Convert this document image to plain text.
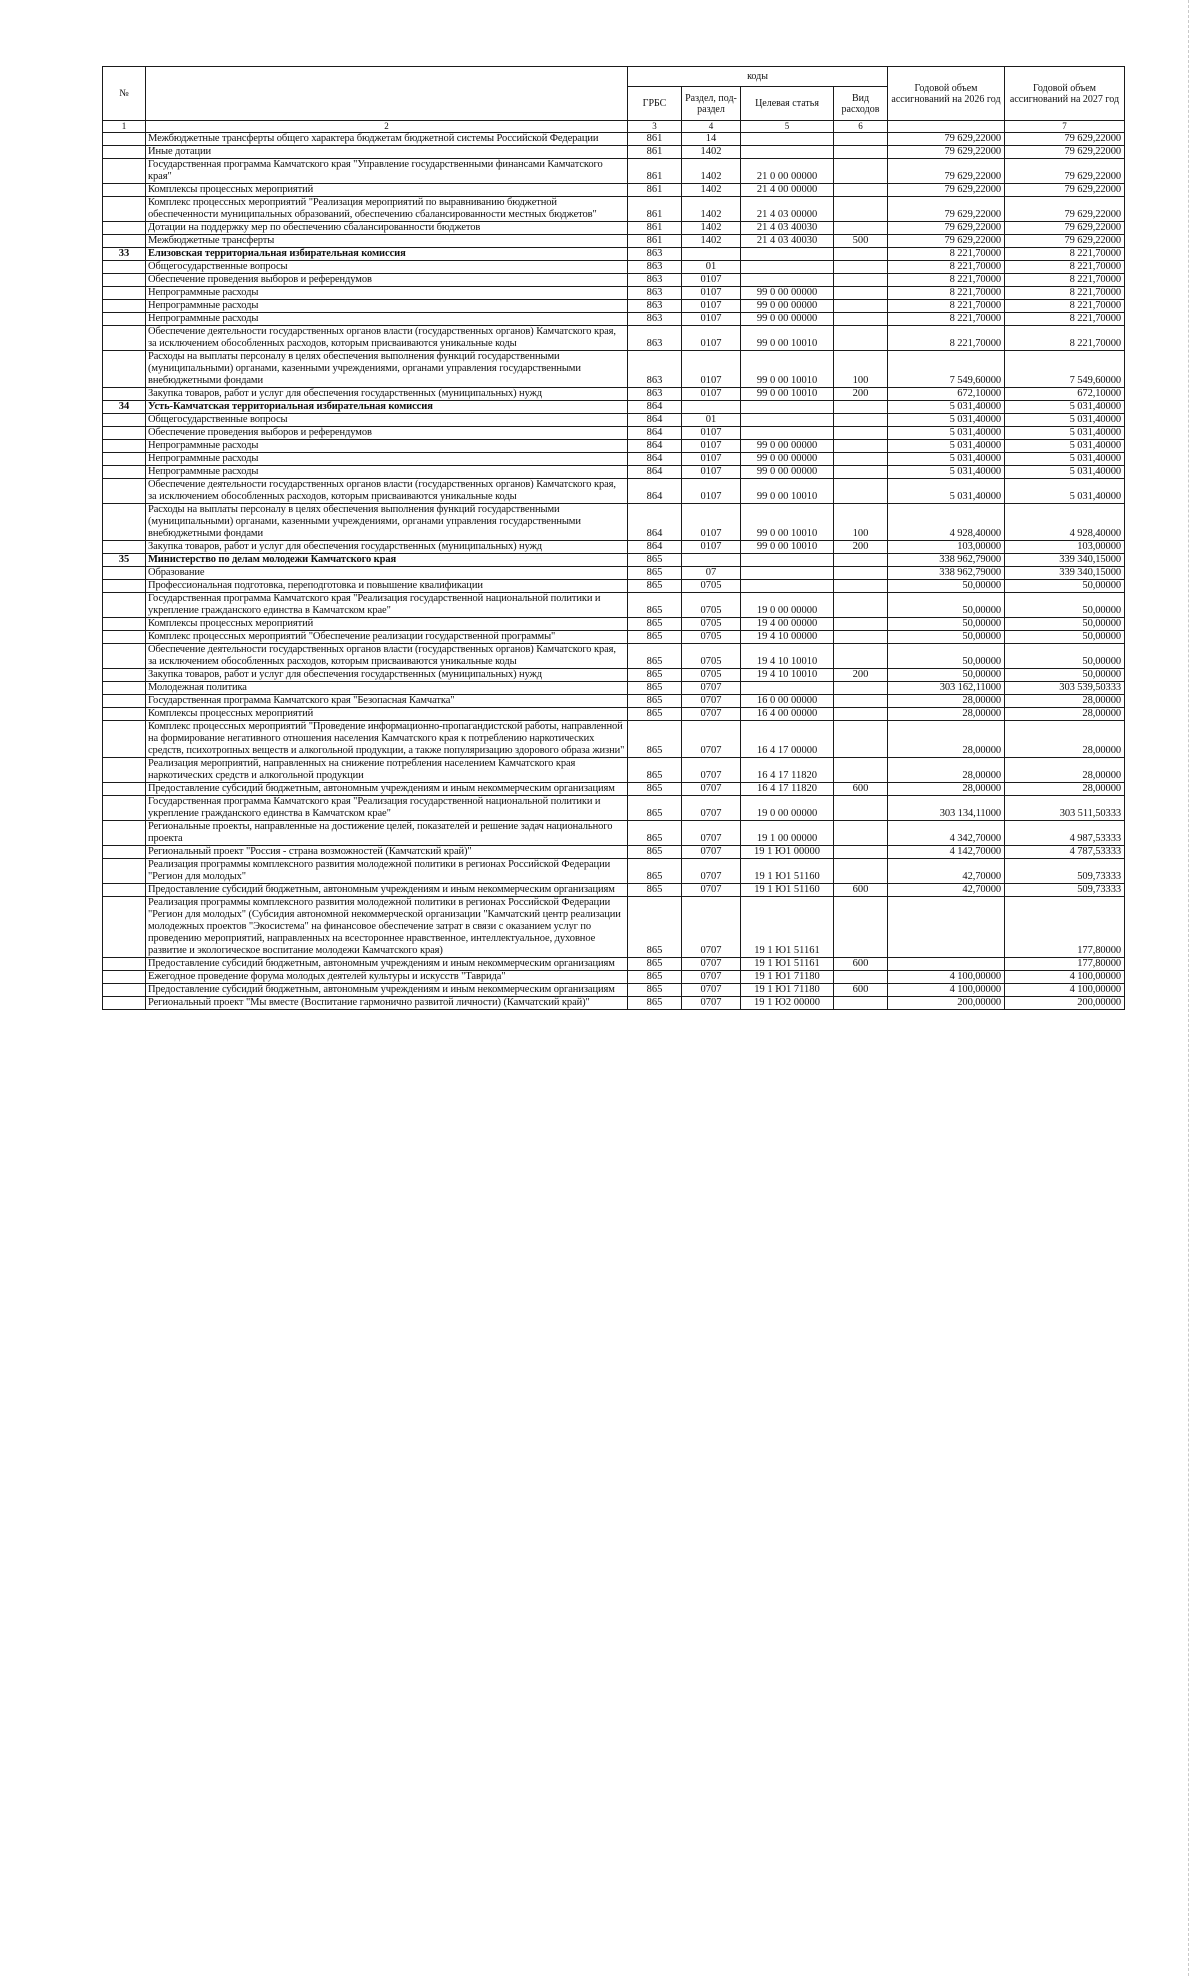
№		коды				Годовой объем ассигнований на 2026 год	Годовой объем ассигнований на 2027 год
		ГРБС	Раздел, под-раздел	Целевая статья	Вид расходов		
1	2	3	4	5	6		7
	Межбюджетные трансферты общего характера бюджетам бюджетной системы Российской Федерации	861	14			79 629,22000	79 629,22000
	Иные дотации	861	1402			79 629,22000	79 629,22000
	Государственная программа Камчатского края "Управление государственными финансами Камчатского края"	861	1402	21 0 00 00000		79 629,22000	79 629,22000
	Комплексы процессных мероприятий	861	1402	21 4 00 00000		79 629,22000	79 629,22000
	Комплекс процессных мероприятий "Реализация мероприятий по выравниванию бюджетной обеспеченности муниципальных образований, обеспечению сбалансированности местных бюджетов"	861	1402	21 4 03 00000		79 629,22000	79 629,22000
	Дотации на поддержку мер по обеспечению сбалансированности бюджетов	861	1402	21 4 03 40030		79 629,22000	79 629,22000
	Межбюджетные трансферты	861	1402	21 4 03 40030	500	79 629,22000	79 629,22000
33	Елизовская территориальная избирательная комиссия	863				8 221,70000	8 221,70000
	Общегосударственные вопросы	863	01			8 221,70000	8 221,70000
	Обеспечение проведения выборов и референдумов	863	0107			8 221,70000	8 221,70000
	Непрограммные расходы	863	0107	99 0 00 00000		8 221,70000	8 221,70000
	Непрограммные расходы	863	0107	99 0 00 00000		8 221,70000	8 221,70000
	Непрограммные расходы	863	0107	99 0 00 00000		8 221,70000	8 221,70000
	Обеспечение деятельности государственных органов власти (государственных органов) Камчатского края, за исключением обособленных расходов, которым присваиваются уникальные коды	863	0107	99 0 00 10010		8 221,70000	8 221,70000
	Расходы на выплаты персоналу в целях обеспечения выполнения функций государственными (муниципальными) органами, казенными учреждениями, органами управления государственными внебюджетными фондами	863	0107	99 0 00 10010	100	7 549,60000	7 549,60000
	Закупка товаров, работ и услуг для обеспечения государственных (муниципальных) нужд	863	0107	99 0 00 10010	200	672,10000	672,10000
34	Усть-Камчатская территориальная избирательная комиссия	864				5 031,40000	5 031,40000
	Общегосударственные вопросы	864	01			5 031,40000	5 031,40000
	Обеспечение проведения выборов и референдумов	864	0107			5 031,40000	5 031,40000
	Непрограммные расходы	864	0107	99 0 00 00000		5 031,40000	5 031,40000
	Непрограммные расходы	864	0107	99 0 00 00000		5 031,40000	5 031,40000
	Непрограммные расходы	864	0107	99 0 00 00000		5 031,40000	5 031,40000
	Обеспечение деятельности государственных органов власти (государственных органов) Камчатского края, за исключением обособленных расходов, которым присваиваются уникальные коды	864	0107	99 0 00 10010		5 031,40000	5 031,40000
	Расходы на выплаты персоналу в целях обеспечения выполнения функций государственными (муниципальными) органами, казенными учреждениями, органами управления государственными внебюджетными фондами	864	0107	99 0 00 10010	100	4 928,40000	4 928,40000
	Закупка товаров, работ и услуг для обеспечения государственных (муниципальных) нужд	864	0107	99 0 00 10010	200	103,00000	103,00000
35	Министерство по делам молодежи Камчатского края	865				338 962,79000	339 340,15000
	Образование	865	07			338 962,79000	339 340,15000
	Профессиональная подготовка, переподготовка и повышение квалификации	865	0705			50,00000	50,00000
	Государственная программа Камчатского края "Реализация государственной национальной политики и укрепление гражданского единства в Камчатском крае"	865	0705	19 0 00 00000		50,00000	50,00000
	Комплексы процессных мероприятий	865	0705	19 4 00 00000		50,00000	50,00000
	Комплекс процессных мероприятий "Обеспечение реализации государственной программы"	865	0705	19 4 10 00000		50,00000	50,00000
	Обеспечение деятельности государственных органов власти (государственных органов) Камчатского края, за исключением обособленных расходов, которым присваиваются уникальные коды	865	0705	19 4 10 10010		50,00000	50,00000
	Закупка товаров, работ и услуг для обеспечения государственных (муниципальных) нужд	865	0705	19 4 10 10010	200	50,00000	50,00000
	Молодежная политика	865	0707			303 162,11000	303 539,50333
	Государственная программа Камчатского края "Безопасная Камчатка"	865	0707	16 0 00 00000		28,00000	28,00000
	Комплексы процессных мероприятий	865	0707	16 4 00 00000		28,00000	28,00000
	Комплекс процессных мероприятий "Проведение информационно-пропагандистской работы, направленной на формирование негативного отношения населения Камчатского края к потреблению наркотических средств, психотропных веществ и алкогольной продукции, а также популяризацию здорового образа жизни"	865	0707	16 4 17 00000		28,00000	28,00000
	Реализация мероприятий, направленных на снижение потребления населением Камчатского края наркотических средств и алкогольной продукции	865	0707	16 4 17 11820		28,00000	28,00000
	Предоставление субсидий бюджетным, автономным учреждениям и иным некоммерческим организациям	865	0707	16 4 17 11820	600	28,00000	28,00000
	Государственная программа Камчатского края "Реализация государственной национальной политики и укрепление гражданского единства в Камчатском крае"	865	0707	19 0 00 00000		303 134,11000	303 511,50333
	Региональные проекты, направленные на достижение целей, показателей и решение задач национального проекта	865	0707	19 1 00 00000		4 342,70000	4 987,53333
	Региональный проект "Россия - страна возможностей (Камчатский край)"	865	0707	19 1 Ю1 00000		4 142,70000	4 787,53333
	Реализация программы комплексного развития молодежной политики в регионах Российской Федерации "Регион для молодых"	865	0707	19 1 Ю1 51160		42,70000	509,73333
	Предоставление субсидий бюджетным, автономным учреждениям и иным некоммерческим организациям	865	0707	19 1 Ю1 51160	600	42,70000	509,73333
	Реализация программы комплексного развития молодежной политики в регионах Российской Федерации "Регион для молодых" (Субсидия автономной некоммерческой организации "Камчатский центр реализации молодежных проектов "Экосистема" на финансовое обеспечение затрат в связи с оказанием услуг по проведению мероприятий, направленных на всестороннее нравственное, интеллектуальное, духовное развитие и экологическое воспитание молодежи Камчатского края)	865	0707	19 1 Ю1 51161			177,80000
	Предоставление субсидий бюджетным, автономным учреждениям и иным некоммерческим организациям	865	0707	19 1 Ю1 51161	600		177,80000
	Ежегодное проведение форума молодых деятелей культуры и искусств "Таврида"	865	0707	19 1 Ю1 71180		4 100,00000	4 100,00000
	Предоставление субсидий бюджетным, автономным учреждениям и иным некоммерческим организациям	865	0707	19 1 Ю1 71180	600	4 100,00000	4 100,00000
	Региональный проект "Мы вместе (Воспитание гармонично развитой личности) (Камчатский край)"	865	0707	19 1 Ю2 00000		200,00000	200,00000
